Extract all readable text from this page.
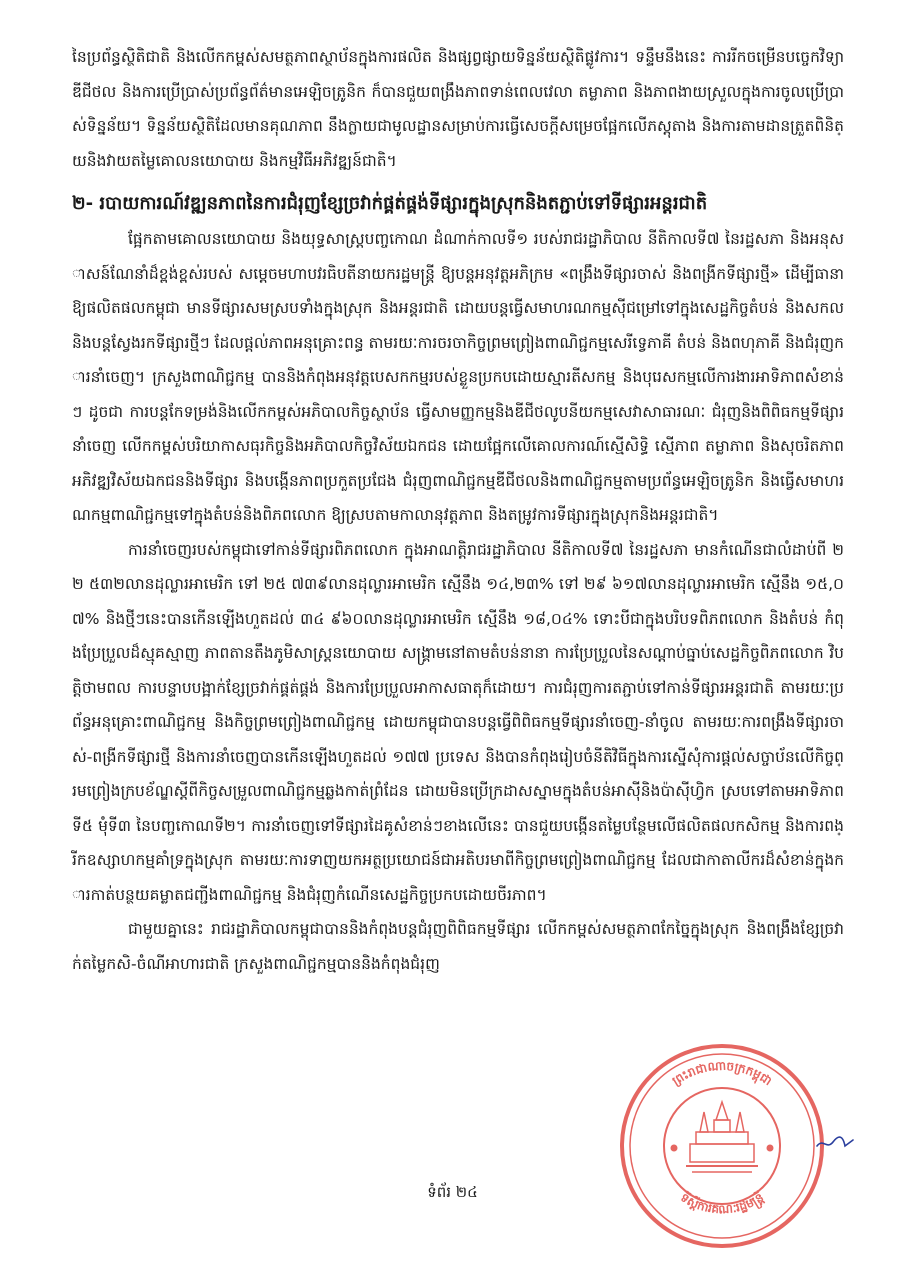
នៃប្រព័ន្ធស្ថិតិជាតិ និងលើកកម្ពស់សមត្ថភាពស្ថាប័នក្នុងការផលិត និងផ្សព្វផ្សាយទិន្នន័យស្ថិតិផ្លូវការ។ ទន្ទឹមនឹងនេះ ការរីកចម្រើនបច្ចេកវិទ្យាឌីជីថល និងការប្រើប្រាស់ប្រព័ន្ធព័ត៌មានអេឡិចត្រូនិក ក៏បានជួយពង្រឹងភាពទាន់ពេលវេលា តម្លាភាព និងភាពងាយស្រួលក្នុងការចូលប្រើប្រាស់ទិន្នន័យ។ ទិន្នន័យស្ថិតិដែលមានគុណភាព នឹងក្លាយជាមូលដ្ឋានសម្រាប់ការធ្វើសេចក្តីសម្រេចផ្អែកលើភស្តុតាង និងការតាមដានត្រួតពិនិត្យនិងវាយតម្លៃគោលនយោបាយ និងកម្មវិធីអភិវឌ្ឍន៍ជាតិ។

២- របាយការណ៍វឌ្ឍនភាពនៃការជំរុញខ្សែច្រវាក់ផ្គត់ផ្គង់ទីផ្សារក្នុងស្រុកនិងតភ្ជាប់ទៅទីផ្សារអន្តរជាតិ

ផ្អែកតាមគោលនយោបាយ និងយុទ្ធសាស្ត្របញ្ចកោណ ដំណាក់កាលទី១ របស់រាជរដ្ឋាភិបាល នីតិកាលទី៧ នៃរដ្ឋសភា និងអនុសាសន៍ណែនាំដ៏ខ្ពង់ខ្ពស់របស់ សម្តេចមហាបវរធិបតីនាយករដ្ឋមន្ត្រី ឱ្យបន្តអនុវត្តអភិក្រម «ពង្រឹងទីផ្សារចាស់ និងពង្រីកទីផ្សារថ្មី» ដើម្បីធានាឱ្យផលិតផលកម្ពុជា មានទីផ្សារសមស្របទាំងក្នុងស្រុក និងអន្តរជាតិ ដោយបន្តធ្វើសមាហរណកម្មស៊ីជម្រៅទៅក្នុងសេដ្ឋកិច្ចតំបន់ និងសកល និងបន្តស្វែងរកទីផ្សារថ្មីៗ ដែលផ្តល់ភាពអនុគ្រោះពន្ធ តាមរយៈការចរចាកិច្ចព្រមព្រៀងពាណិជ្ជកម្មសេរីទ្វេភាគី តំបន់ និងពហុភាគី និងជំរុញការនាំចេញ។ ក្រសួងពាណិជ្ជកម្ម បាននិងកំពុងអនុវត្តបេសកកម្មរបស់ខ្លួនប្រកបដោយស្មារតីសកម្ម និងបុរេសកម្មលើការងារអាទិភាពសំខាន់ៗ ដូចជា ការបន្តកែទម្រង់និងលើកកម្ពស់អភិបាលកិច្ចស្ថាប័ន ធ្វើសាមញ្ញកម្មនិងឌីជីថលូបនីយកម្មសេវាសាធារណៈ ជំរុញនិងពិពិធកម្មទីផ្សារនាំចេញ លើកកម្ពស់បរិយាកាសធុរកិច្ចនិងអភិបាលកិច្ចវិស័យឯកជន ដោយផ្អែកលើគោលការណ៍ស្មើសិទ្ធិ ស្មើភាព តម្លាភាព និងសុចរិតភាព អភិវឌ្ឍវិស័យឯកជននិងទីផ្សារ និងបង្កើនភាពប្រកួតប្រជែង ជំរុញពាណិជ្ជកម្មឌីជីថលនិងពាណិជ្ជកម្មតាមប្រព័ន្ធអេឡិចត្រូនិក និងធ្វើសមាហរណកម្មពាណិជ្ជកម្មទៅក្នុងតំបន់និងពិភពលោក ឱ្យស្របតាមកាលានុវត្តភាព និងតម្រូវការទីផ្សារក្នុងស្រុកនិងអន្តរជាតិ។

ការនាំចេញរបស់កម្ពុជាទៅកាន់ទីផ្សារពិភពលោក ក្នុងអាណត្តិរាជរដ្ឋាភិបាល នីតិកាលទី៧ នៃរដ្ឋសភា មានកំណើនជាលំដាប់ពី ២២ ៥៣២លានដុល្លារអាមេរិក ទៅ ២៥ ៧៣៩លានដុល្លារអាមេរិក ស្មើនឹង ១៤,២៣% ទៅ ២៩ ៦១៧លានដុល្លារអាមេរិក ស្មើនឹង ១៥,០៧% និងថ្មីៗនេះបានកើនឡើងហួតដល់ ៣៤ ៩៦០លានដុល្លារអាមេរិក ស្មើនឹង ១៨,០៤% ទោះបីជាក្នុងបរិបទពិភពលោក និងតំបន់ កំពុងប្រែប្រួលដ៏ស្មុគស្មាញ ភាពតានតឹងភូមិសាស្ត្រនយោបាយ សង្គ្រាមនៅតាមតំបន់នានា ការប្រែប្រួលនៃសណ្តាប់ធ្នាប់សេដ្ឋកិច្ចពិភពលោក វិបត្តិថាមពល ការបន្ទាបបង្អាក់ខ្សែច្រវាក់ផ្គត់ផ្គង់ និងការប្រែប្រួលអាកាសធាតុក៏ដោយ។ ការជំរុញការតភ្ជាប់ទៅកាន់ទីផ្សារអន្តរជាតិ តាមរយៈប្រព័ន្ធអនុគ្រោះពាណិជ្ជកម្ម និងកិច្ចព្រមព្រៀងពាណិជ្ជកម្ម ដោយកម្ពុជាបានបន្តធ្វើពិពិធកម្មទីផ្សារនាំចេញ-នាំចូល តាមរយៈការពង្រឹងទីផ្សារចាស់-ពង្រីកទីផ្សារថ្មី និងការនាំចេញបានកើនឡើងហួតដល់ ១៧៧ ប្រទេស និងបានកំពុងរៀបចំនីតិវិធីក្នុងការស្នើសុំការផ្តល់សច្ចាប័នលើកិច្ចព្រមព្រៀងក្របខ័ណ្ឌស្តីពីកិច្ចសម្រួលពាណិជ្ជកម្មឆ្លងកាត់ព្រំដែន ដោយមិនប្រើក្រដាសស្នាមក្នុងតំបន់អាស៊ីនិងប៉ាស៊ីហ្វិក ស្របទៅតាមអាទិភាពទី៥ មុំទី៣ នៃបញ្ចកោណទី២។ ការនាំចេញទៅទីផ្សារដៃគូសំខាន់ៗខាងលើនេះ បានជួយបង្កើនតម្លៃបន្ថែមលើផលិតផលកសិកម្ម និងការពង្រីកឧស្សាហកម្មគាំទ្រក្នុងស្រុក តាមរយៈការទាញយកអត្ថប្រយោជន៍ជាអតិបរមាពីកិច្ចព្រមព្រៀងពាណិជ្ជកម្ម ដែលជាកាតាលីករដ៏សំខាន់ក្នុងការកាត់បន្ថយគម្លាតជញ្ជីងពាណិជ្ជកម្ម និងជំរុញកំណើនសេដ្ឋកិច្ចប្រកបដោយចីរភាព។

ជាមួយគ្នានេះ រាជរដ្ឋាភិបាលកម្ពុជាបាននិងកំពុងបន្តជំរុញពិពិធកម្មទីផ្សារ លើកកម្ពស់សមត្ថភាពកែច្នៃក្នុងស្រុក និងពង្រឹងខ្សែច្រវាក់តម្លៃកសិ-ចំណីអាហារជាតិ ក្រសួងពាណិជ្ជកម្មបាននិងកំពុងជំរុញ

ទំព័រ ២៤
ព្រះរាជាណាចក្រកម្ពុជា
ទីស្តីការគណៈរដ្ឋមន្ត្រី
